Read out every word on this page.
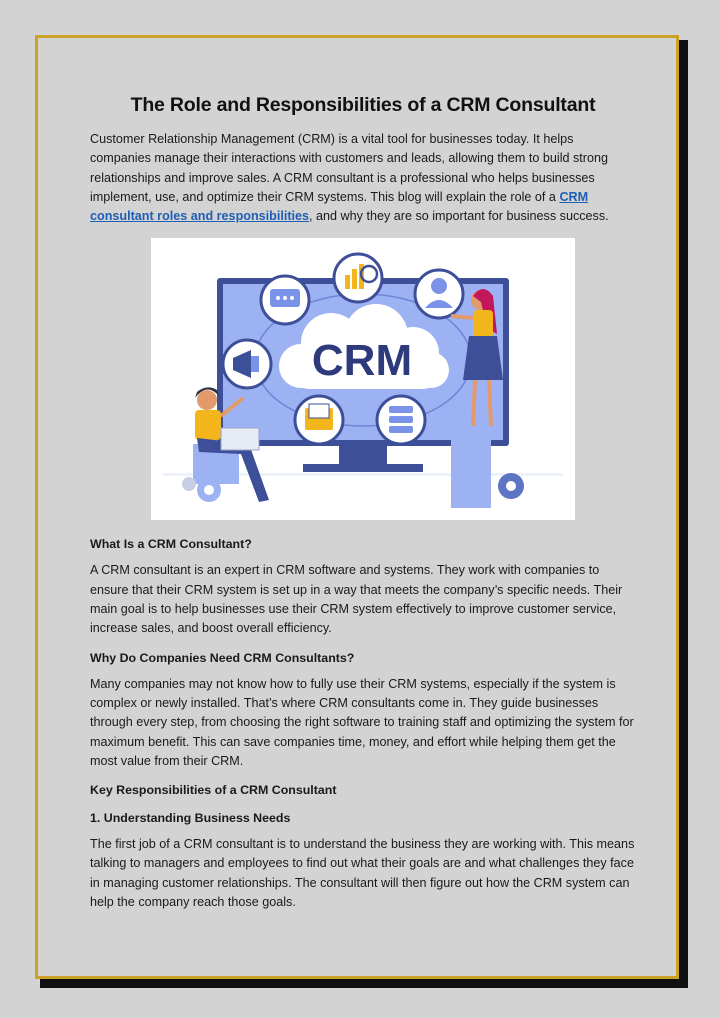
The Role and Responsibilities of a CRM Consultant

Customer Relationship Management (CRM) is a vital tool for businesses today. It helps companies manage their interactions with customers and leads, allowing them to build strong relationships and improve sales. A CRM consultant is a professional who helps businesses implement, use, and optimize their CRM systems. This blog will explain the role of a CRM consultant roles and responsibilities, and why they are so important for business success.

CRM
What Is a CRM Consultant?

A CRM consultant is an expert in CRM software and systems. They work with companies to ensure that their CRM system is set up in a way that meets the company’s specific needs. Their main goal is to help businesses use their CRM system effectively to improve customer service, increase sales, and boost overall efficiency.

Why Do Companies Need CRM Consultants?

Many companies may not know how to fully use their CRM systems, especially if the system is complex or newly installed. That’s where CRM consultants come in. They guide businesses through every step, from choosing the right software to training staff and optimizing the system for maximum benefit. This can save companies time, money, and effort while helping them get the most value from their CRM.

Key Responsibilities of a CRM Consultant
1. Understanding Business Needs

The first job of a CRM consultant is to understand the business they are working with. This means talking to managers and employees to find out what their goals are and what challenges they face in managing customer relationships. The consultant will then figure out how the CRM system can help the company reach those goals.
